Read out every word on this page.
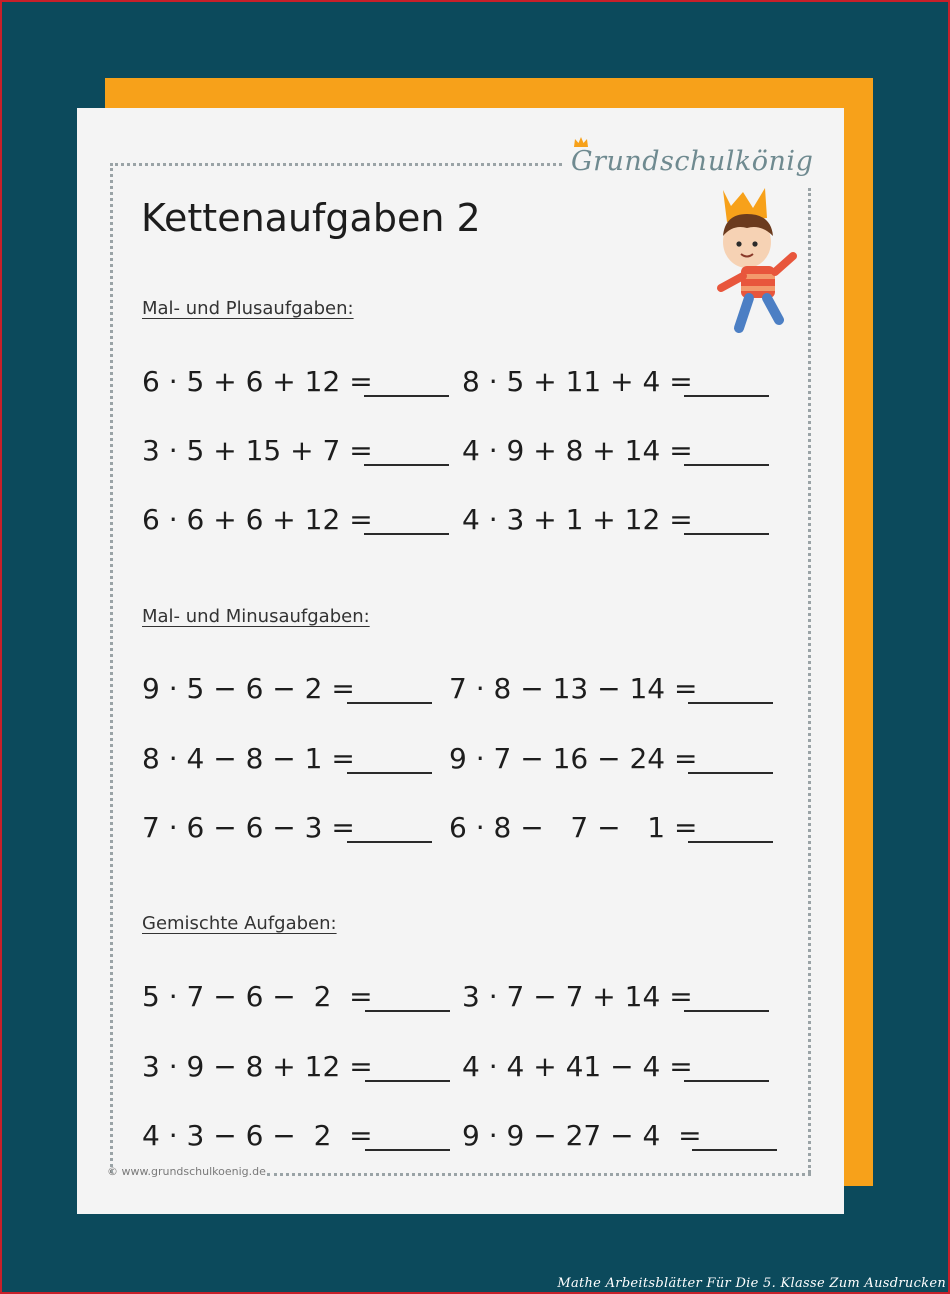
Grundschulkönig
Kettenaufgaben 2
Mal- und Plusaufgaben:
6 · 5 + 6 + 12 =	8 · 5 + 11 + 4 =
3 · 5 + 15 + 7 =	4 · 9 + 8 + 14 =
6 · 6 + 6 + 12 =	4 · 3 + 1 + 12 =
Mal- und Minusaufgaben:
9 · 5 − 6 − 2 =	7 · 8 − 13 − 14 =
8 · 4 − 8 − 1 =	9 · 7 − 16 − 24 =
7 · 6 − 6 − 3 =	6 · 8 −   7 −   1 =
Gemischte Aufgaben:
5 · 7 − 6 −  2  =	3 · 7 − 7 + 14 =
3 · 9 − 8 + 12 =	4 · 4 + 41 − 4 =
4 · 3 − 6 −  2  =	9 · 9 − 27 − 4  =
© www.grundschulkoenig.de
Mathe Arbeitsblätter Für Die 5. Klasse Zum Ausdrucken
